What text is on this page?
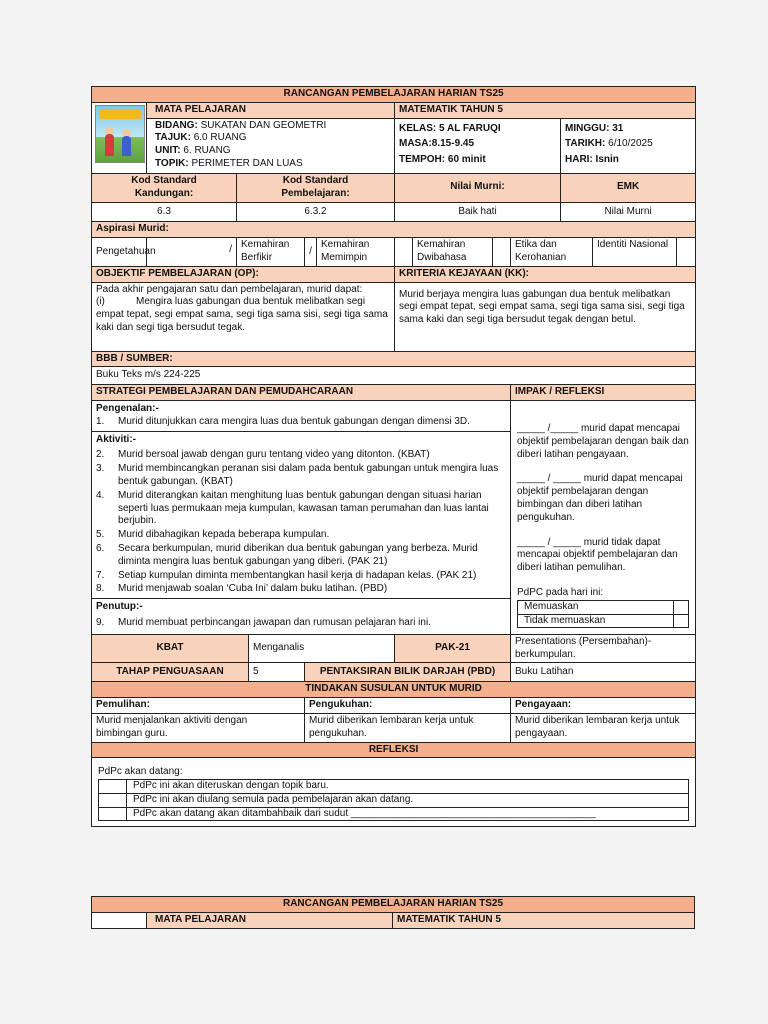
RANCANGAN PEMBELAJARAN HARIAN TS25

	MATA PELAJARAN	MATEMATIK TAHUN 5

BIDANG: SUKATAN DAN GEOMETRI
TAJUK: 6.0 RUANG
UNIT: 6. RUANG
TOPIK: PERIMETER DAN LUAS

KELAS: 5 AL FARUQI
MASA:8.15-9.45
TEMPOH: 60 minit

MINGGU: 31
TARIKH: 6/10/2025
HARI: Isnin

Kod Standard Kandungan:	Kod Standard Pembelajaran:	Nilai Murni:	EMK
6.3	6.3.2	Baik hati	Nilai Murni
Aspirasi Murid:
Pengetahuan	/	Kemahiran Berfikir	/	Kemahiran Memimpin		Kemahiran Dwibahasa		Etika dan Kerohanian	Identiti Nasional	
OBJEKTIF PEMBELAJARAN (OP):	KRITERIA KEJAYAAN (KK):

Pada akhir pengajaran satu dan pembelajaran, murid dapat:
(i)	Mengira luas gabungan dua bentuk melibatkan segi empat tepat, segi empat sama, segi tiga sama sisi, segi tiga sama kaki dan segi tiga bersudut tegak.
	Murid berjaya mengira luas gabungan dua bentuk melibatkan segi empat tepat, segi empat sama, segi tiga sama sisi, segi tiga sama kaki dan segi tiga bersudut tegak dengan betul.
BBB / SUMBER:
Buku Teks m/s 224-225
STRATEGI PEMBELAJARAN DAN PEMUDAHCARAAN	IMPAK / REFLEKSI

Pengenalan:-
1.	Murid ditunjukkan cara mengira luas dua bentuk gabungan dengan dimensi 3D.
Aktiviti:-
2.	Murid bersoal jawab dengan guru tentang video yang ditonton. (KBAT)
3.	Murid membincangkan peranan sisi dalam pada bentuk gabungan untuk mengira luas bentuk gabungan. (KBAT)
4.	Murid diterangkan kaitan menghitung luas bentuk gabungan dengan situasi harian seperti luas permukaan meja kumpulan, kawasan taman perumahan dan luas lantai berjubin.
5.	Murid dibahagikan kepada beberapa kumpulan.
6.	Secara berkumpulan, murid diberikan dua bentuk gabungan yang berbeza. Murid diminta mengira luas bentuk gabungan yang diberi. (PAK 21)
7.	Setiap kumpulan diminta membentangkan hasil kerja di hadapan kelas. (PAK 21)
8.	Murid menjawab soalan ‘Cuba Ini’ dalam buku latihan. (PBD)
Penutup:-
9.	Murid membuat perbincangan jawapan dan rumusan pelajaran hari ini.

_____ /_____ murid dapat mencapai objektif pembelajaran dengan baik dan diberi latihan pengayaan.
_____ / _____ murid dapat mencapai objektif pembelajaran dengan bimbingan dan diberi latihan pengukuhan.
_____ / _____ murid tidak dapat mencapai objektif pembelajaran dan diberi latihan pemulihan.
PdPC pada hari ini:
Memuaskan	
Tidak memuaskan	

KBAT	Menganalis	PAK-21	Presentations (Persembahan)-berkumpulan.
TAHAP PENGUASAAN	5	PENTAKSIRAN BILIK DARJAH (PBD)	Buku Latihan
TINDAKAN SUSULAN UNTUK MURID
Pemulihan:	Pengukuhan:	Pengayaan:
Murid menjalankan aktiviti dengan bimbingan guru.	Murid diberikan lembaran kerja untuk pengukuhan.	Murid diberikan lembaran kerja untuk pengayaan.
REFLEKSI

PdPc akan datang:
	PdPc ini akan diteruskan dengan topik baru.
	PdPc ini akan diulang semula pada pembelajaran akan datang.
	PdPc akan datang akan ditambahbaik dari sudut ____________________________________________
RANCANGAN PEMBELAJARAN HARIAN TS25
	MATA PELAJARAN	MATEMATIK TAHUN 5
